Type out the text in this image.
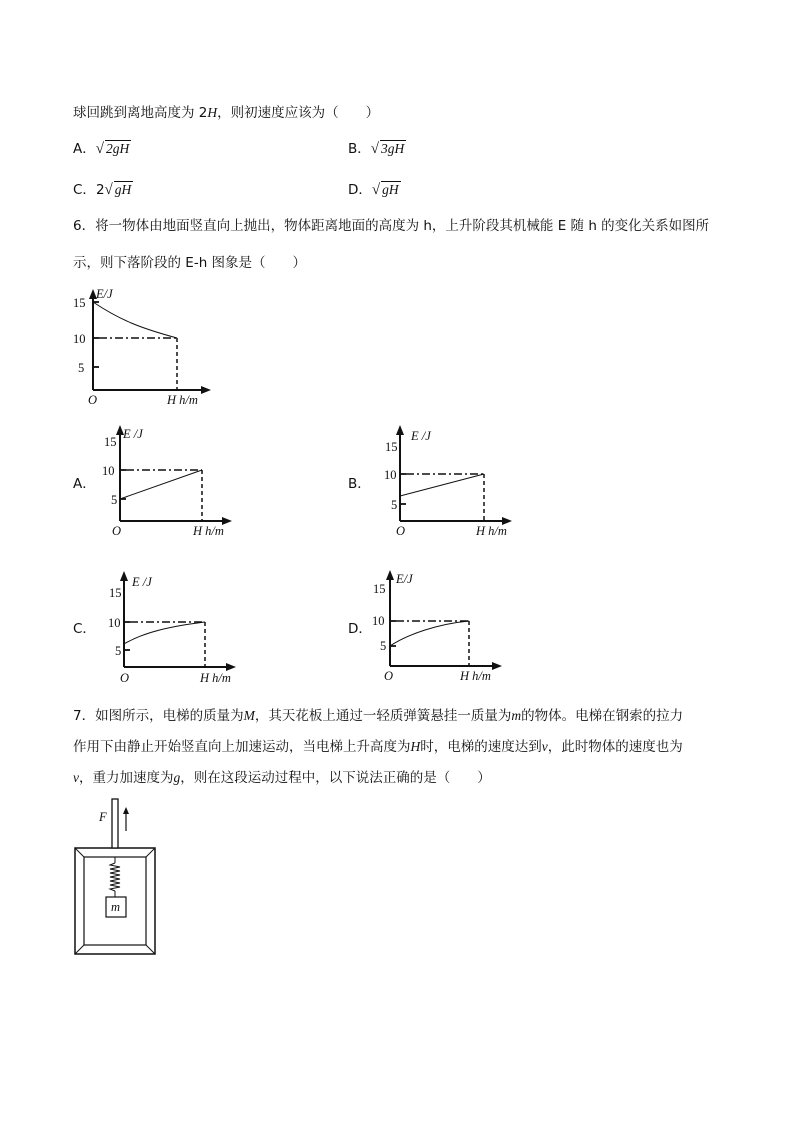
球回跳到离地高度为 2H，则初速度应该为（　　）
A．√ 2gH	B．√ 3gH
C．2√ gH	D．√ gH
6．将一物体由地面竖直向上抛出，物体距离地面的高度为 h，上升阶段其机械能 E 随 h 的变化关系如图所
示，则下落阶段的 E-h 图象是（　　）
15
10
5
E/J
O	H h/m
A．
15
10
5
E /J
O	H h/m
B．
15
10
5
E /J
O	H h/m
C．
15
10
5
E /J
O	H h/m
D．
15
10
5
E/J
O	H h/m
7．如图所示，电梯的质量为M，其天花板上通过一轻质弹簧悬挂一质量为m的物体。电梯在钢索的拉力
作用下由静止开始竖直向上加速运动，当电梯上升高度为H时，电梯的速度达到v，此时物体的速度也为
v，重力加速度为g，则在这段运动过程中，以下说法正确的是（　　）
F
m
